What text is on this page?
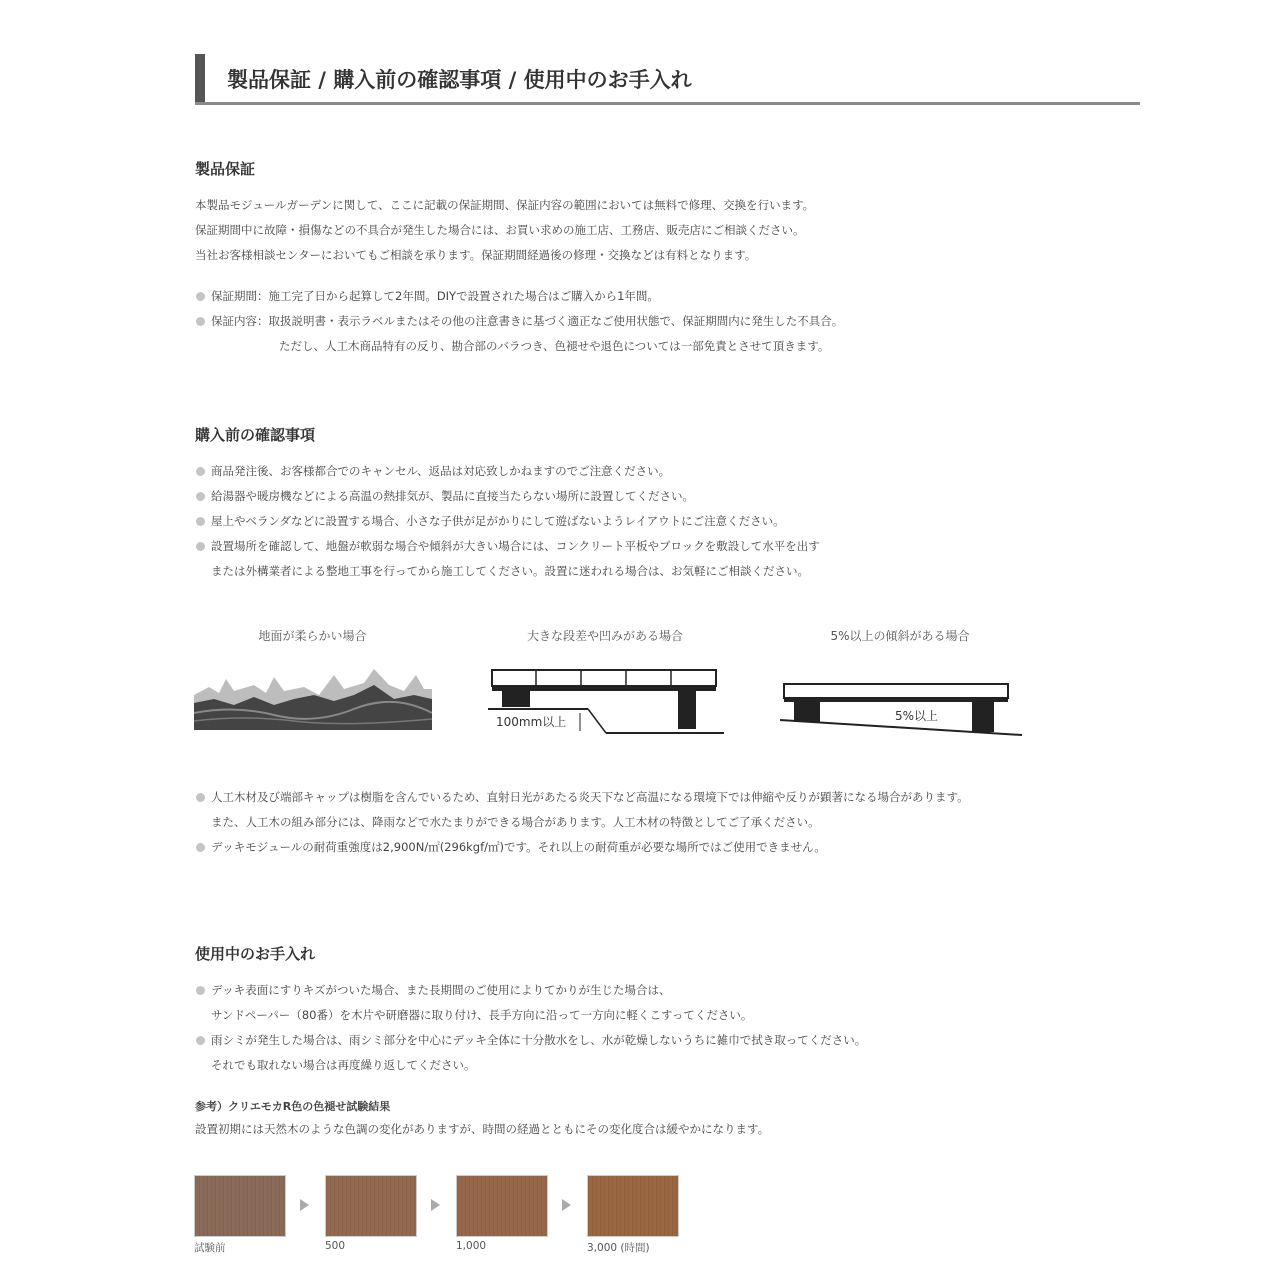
製品保証 / 購入前の確認事項 / 使用中のお手入れ
製品保証
本製品モジュールガーデンに関して、ここに記載の保証期間、保証内容の範囲においては無料で修理、交換を行います。
保証期間中に故障・損傷などの不具合が発生した場合には、お買い求めの施工店、工務店、販売店にご相談ください。
当社お客様相談センターにおいてもご相談を承ります。保証期間経過後の修理・交換などは有料となります。
保証期間：施工完了日から起算して2年間。DIYで設置された場合はご購入から1年間。
保証内容：取扱説明書・表示ラベルまたはその他の注意書きに基づく適正なご使用状態で、保証期間内に発生した不具合。
ただし、人工木商品特有の反り、勘合部のバラつき、色褪せや退色については一部免責とさせて頂きます。
購入前の確認事項
商品発注後、お客様都合でのキャンセル、返品は対応致しかねますのでご注意ください。
給湯器や暖房機などによる高温の熱排気が、製品に直接当たらない場所に設置してください。
屋上やベランダなどに設置する場合、小さな子供が足がかりにして遊ばないようレイアウトにご注意ください。
設置場所を確認して、地盤が軟弱な場合や傾斜が大きい場合には、コンクリート平板やブロックを敷設して水平を出す
または外構業者による整地工事を行ってから施工してください。設置に迷われる場合は、お気軽にご相談ください。
地面が柔らかい場合	大きな段差や凹みがある場合	5%以上の傾斜がある場合
100mm以上	5%以上
人工木材及び端部キャップは樹脂を含んでいるため、直射日光があたる炎天下など高温になる環境下では伸縮や反りが顕著になる場合があります。
また、人工木の組み部分には、降雨などで水たまりができる場合があります。人工木材の特徴としてご了承ください。
デッキモジュールの耐荷重強度は2,900N/㎡(296kgf/㎡)です。それ以上の耐荷重が必要な場所ではご使用できません。
使用中のお手入れ
デッキ表面にすりキズがついた場合、また長期間のご使用によりてかりが生じた場合は、
サンドペーパー（80番）を木片や研磨器に取り付け、長手方向に沿って一方向に軽くこすってください。
雨シミが発生した場合は、雨シミ部分を中心にデッキ全体に十分散水をし、水が乾燥しないうちに雑巾で拭き取ってください。
それでも取れない場合は再度繰り返してください。
参考）クリエモカR色の色褪せ試験結果
設置初期には天然木のような色調の変化がありますが、時間の経過とともにその変化度合は緩やかになります。
試験前	500	1,000	3,000 (時間)
